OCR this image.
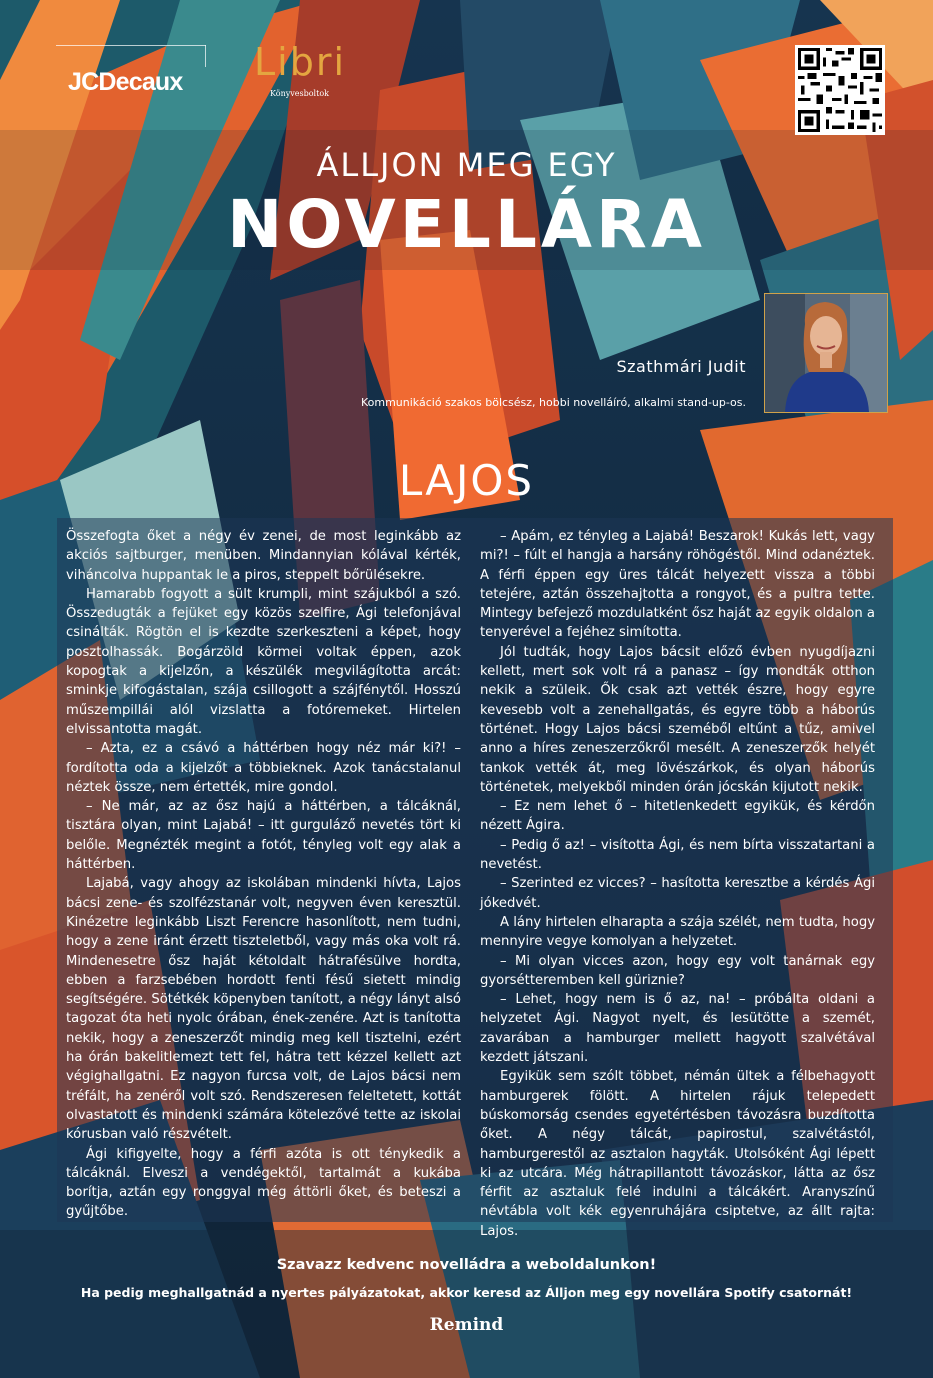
JCDecaux Libri
Könyvesboltok
ÁLLJON MEG EGY
NOVELLÁRA
Szathmári Judit
Kommunikáció szakos bölcsész, hobbi novelláíró, alkalmi stand-up-os.
LAJOS

Összefogta őket a négy év zenei, de most leginkább az akciós sajtburger, menüben. Mindannyian kólával kérték, viháncolva huppantak le a piros, steppelt bőrülésekre.

Hamarabb fogyott a sült krumpli, mint szájukból a szó. Összedugták a fejüket egy közös szelfire, Ági telefonjával csinálták. Rögtön el is kezdte szerkeszteni a képet, hogy posztolhassák. Bogárzöld körmei voltak éppen, azok kopogtak a kijelzőn, a készülék megvilágította arcát: sminkje kifogástalan, szája csillogott a szájfénytől. Hosszú műszempillái alól vizslatta a fotóremeket. Hirtelen elvissantotta magát.

– Azta, ez a csávó a háttérben hogy néz már ki?! – fordította oda a kijelzőt a többieknek. Azok tanácstalanul néztek össze, nem értették, mire gondol.

– Ne már, az az ősz hajú a háttérben, a tálcáknál, tisztára olyan, mint Lajabá! – itt gurguláző nevetés tört ki belőle. Megnézték megint a fotót, tényleg volt egy alak a háttérben.

Lajabá, vagy ahogy az iskolában mindenki hívta, Lajos bácsi zene- és szolfézstanár volt, negyven éven keresztül. Kinézetre leginkább Liszt Ferencre hasonlított, nem tudni, hogy a zene iránt érzett tiszteletből, vagy más oka volt rá. Mindenesetre ősz haját kétoldalt hátrafésülve hordta, ebben a farzsebében hordott fenti fésű sietett mindig segítségére. Sötétkék köpenyben tanított, a négy lányt alsó tagozat óta heti nyolc órában, ének-zenére. Azt is tanította nekik, hogy a zeneszerzőt mindig meg kell tisztelni, ezért ha órán bakelitlemezt tett fel, hátra tett kézzel kellett azt végighallgatni. Ez nagyon furcsa volt, de Lajos bácsi nem tréfált, ha zenéről volt szó. Rendszeresen feleltetett, kottát olvastatott és mindenki számára kötelezővé tette az iskolai kórusban való részvételt.

Ági kifigyelte, hogy a férfi azóta is ott ténykedik a tálcáknál. Elveszi a vendégektől, tartalmát a kukába borítja, aztán egy ronggyal még áttörli őket, és beteszi a gyűjtőbe.

– Apám, ez tényleg a Lajabá! Beszarok! Kukás lett, vagy mi?! – fúlt el hangja a harsány röhögéstől. Mind odanéztek. A férfi éppen egy üres tálcát helyezett vissza a többi tetejére, aztán összehajtotta a rongyot, és a pultra tette. Mintegy befejező mozdulatként ősz haját az egyik oldalon a tenyerével a fejéhez simította.

Jól tudták, hogy Lajos bácsit előző évben nyugdíjazni kellett, mert sok volt rá a panasz – így mondták otthon nekik a szüleik. Ők csak azt vették észre, hogy egyre kevesebb volt a zenehallgatás, és egyre több a háborús történet. Hogy Lajos bácsi szeméből eltűnt a tűz, amivel anno a híres zeneszerzőkről mesélt. A zeneszerzők helyét tankok vették át, meg lövészárkok, és olyan háborús történetek, melyekből minden órán jócskán kijutott nekik.

– Ez nem lehet ő – hitetlenkedett egyikük, és kérdőn nézett Ágira.

– Pedig ő az! – visította Ági, és nem bírta visszatartani a nevetést.

– Szerinted ez vicces? – hasította keresztbe a kérdés Ági jókedvét.

A lány hirtelen elharapta a szája szélét, nem tudta, hogy mennyire vegye komolyan a helyzetet.

– Mi olyan vicces azon, hogy egy volt tanárnak egy gyorsétteremben kell güriznie?

– Lehet, hogy nem is ő az, na! – próbálta oldani a helyzetet Ági. Nagyot nyelt, és lesütötte a szemét, zavarában a hamburger mellett hagyott szalvétával kezdett játszani.

Egyikük sem szólt többet, némán ültek a félbehagyott hamburgerek fölött. A hirtelen rájuk telepedett búskomorság csendes egyetértésben távozásra buzdította őket. A négy tálcát, papirostul, szalvétástól, hamburgerestől az asztalon hagyták. Utolsóként Ági lépett ki az utcára. Még hátrapillantott távozáskor, látta az ősz férfit az asztaluk felé indulni a tálcákért. Aranyszínű névtábla volt kék egyenruhájára csiptetve, az állt rajta: Lajos.

Szavazz kedvenc novelládra a weboldalunkon!
Ha pedig meghallgatnád a nyertes pályázatokat, akkor keresd az Álljon meg egy novellára Spotify csatornát!
Remind
